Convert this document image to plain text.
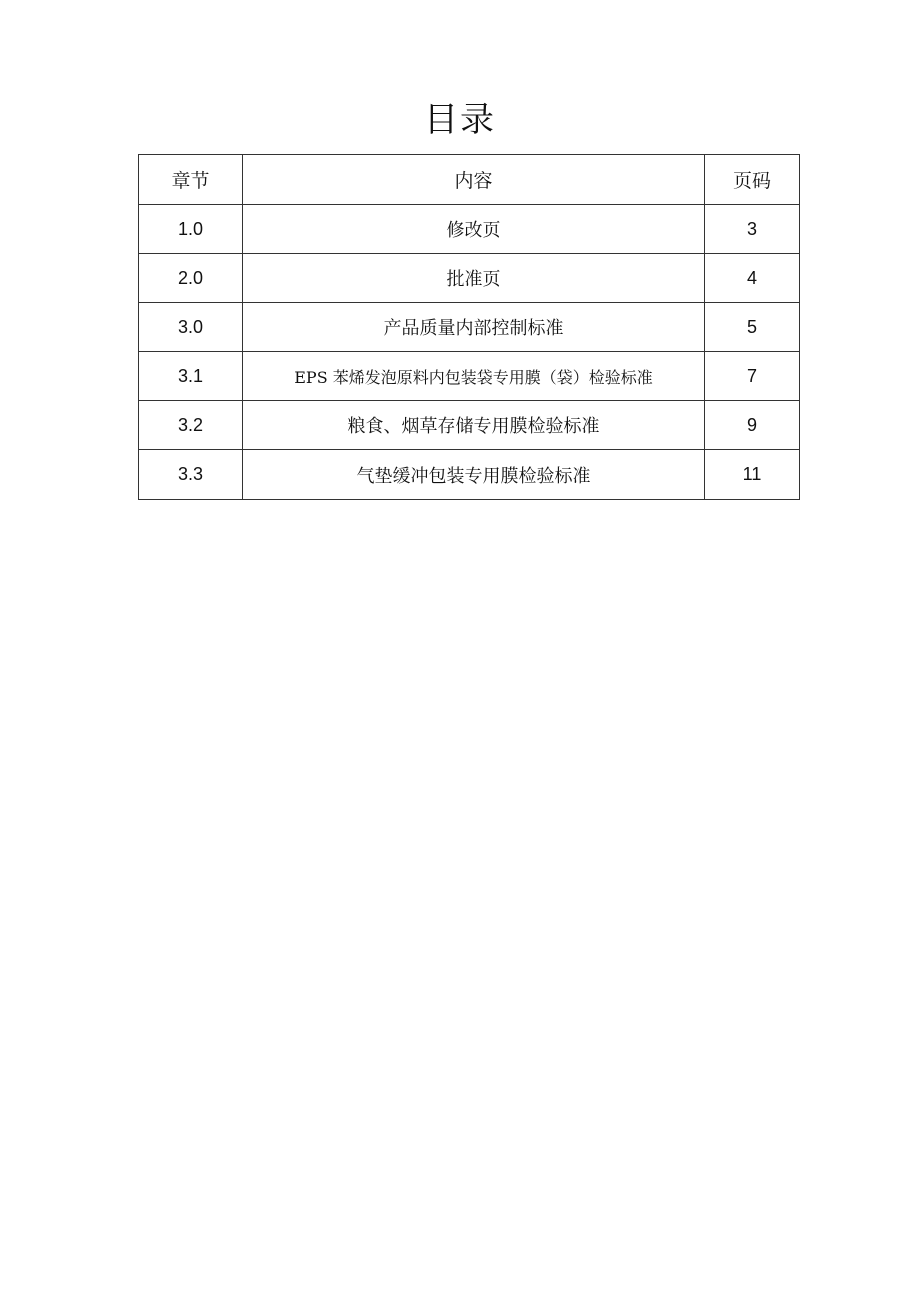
目录
章节	内容	页码
1.0	修改页	3
2.0	批准页	4
3.0	产品质量内部控制标准	5
3.1	EPS 苯烯发泡原料内包装袋专用膜（袋）检验标准	7
3.2	粮食、烟草存储专用膜检验标准	9
3.3	气垫缓冲包装专用膜检验标准	11
